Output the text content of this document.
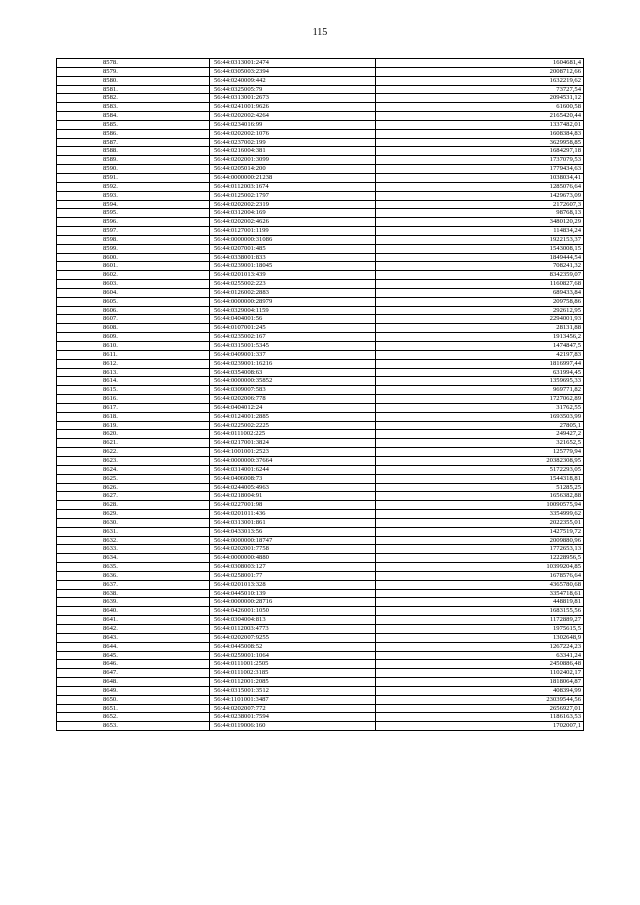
115
8578.	56:44:0313001:2474	1604681,4
8579.	56:44:0305003:2394	2008712,66
8580.	56:44:0240009:442	1632219,62
8581.	56:44:0325005:79	73727,54
8582.	56:44:0313001:2673	2094531,12
8583.	56:44:0241001:9626	61600,58
8584.	56:44:0202002:4264	2165420,44
8585.	56:44:0234016:99	1337482,01
8586.	56:44:0202002:1076	1608384,83
8587.	56:44:0237002:199	3629958,85
8588.	56:44:0216004:381	1684297,18
8589.	56:44:0202001:3099	1737079,53
8590.	56:44:0205014:200	1779434,63
8591.	56:44:0000000:21238	1038034,41
8592.	56:44:0112003:1674	1285076,64
8593.	56:44:0125002:1797	1429673,09
8594.	56:44:0202002:2319	2172607,3
8595.	56:44:0312004:169	98768,13
8596.	56:44:0202002:4626	3480120,29
8597.	56:44:0127001:1199	114834,24
8598.	56:44:0000000:31086	1922153,37
8599.	56:44:0207001:485	1543008,15
8600.	56:44:0338001:833	1849444,54
8601.	56:44:0239001:18045	708241,32
8602.	56:44:0201013:439	8342359,07
8603.	56:44:0255002:223	1160827,68
8604.	56:44:0126002:2883	689433,84
8605.	56:44:0000000:28979	209758,86
8606.	56:44:0329004:1159	292612,95
8607.	56:44:0404001:56	2294001,93
8608.	56:44:0107001:245	28131,88
8609.	56:44:0235002:167	1913456,2
8610.	56:44:0315001:5345	1474847,5
8611.	56:44:0409001:337	42197,83
8612.	56:44:0239001:16216	1816997,44
8613.	56:44:0354008:63	631994,45
8614.	56:44:0000000:35852	1359695,33
8615.	56:44:0309007:583	969771,82
8616.	56:44:0202006:778	1727062,89
8617.	56:44:0404012:24	31762,55
8618.	56:44:0124001:2885	1693503,99
8619.	56:44:0225002:2225	27805,1
8620.	56:44:0111002:225	249427,2
8621.	56:44:0217001:3824	321652,5
8622.	56:44:1001001:2523	125779,94
8623.	56:44:0000000:37664	20382308,95
8624.	56:44:0314001:6244	5172293,05
8625.	56:44:0406008:73	1544318,81
8626.	56:44:0244005:4963	51285,25
8627.	56:44:0218004:91	1656382,88
8628.	56:44:0227001:98	10090575,94
8629.	56:44:0201011:436	3354999,62
8630.	56:44:0313001:861	2022355,01
8631.	56:44:0433013:56	1427519,72
8632.	56:44:0000000:18747	2009880,96
8633.	56:44:0202001:7758	1772653,13
8634.	56:44:0000000:4880	12228956,5
8635.	56:44:0308003:127	10399204,85
8636.	56:44:0258001:77	1678576,64
8637.	56:44:0201013:328	4365780,68
8638.	56:44:0445010:139	3354718,61
8639.	56:44:0000000:28716	448819,81
8640.	56:44:0426001:1050	1683155,56
8641.	56:44:0304004:813	1172889,27
8642.	56:44:0112003:4773	1975615,5
8643.	56:44:0202007:9255	1302648,9
8644.	56:44:0445008:52	1267224,23
8645.	56:44:0259001:1064	63341,24
8646.	56:44:0111001:2505	2450886,48
8647.	56:44:0111002:3185	1102402,17
8648.	56:44:0112001:2085	1818064,87
8649.	56:44:0315001:3512	408394,99
8650.	56:44:1101001:3487	23039544,56
8651.	56:44:0202007:772	2656927,01
8652.	56:44:0238001:7594	1186163,53
8653.	56:44:0119006:160	1702007,1
